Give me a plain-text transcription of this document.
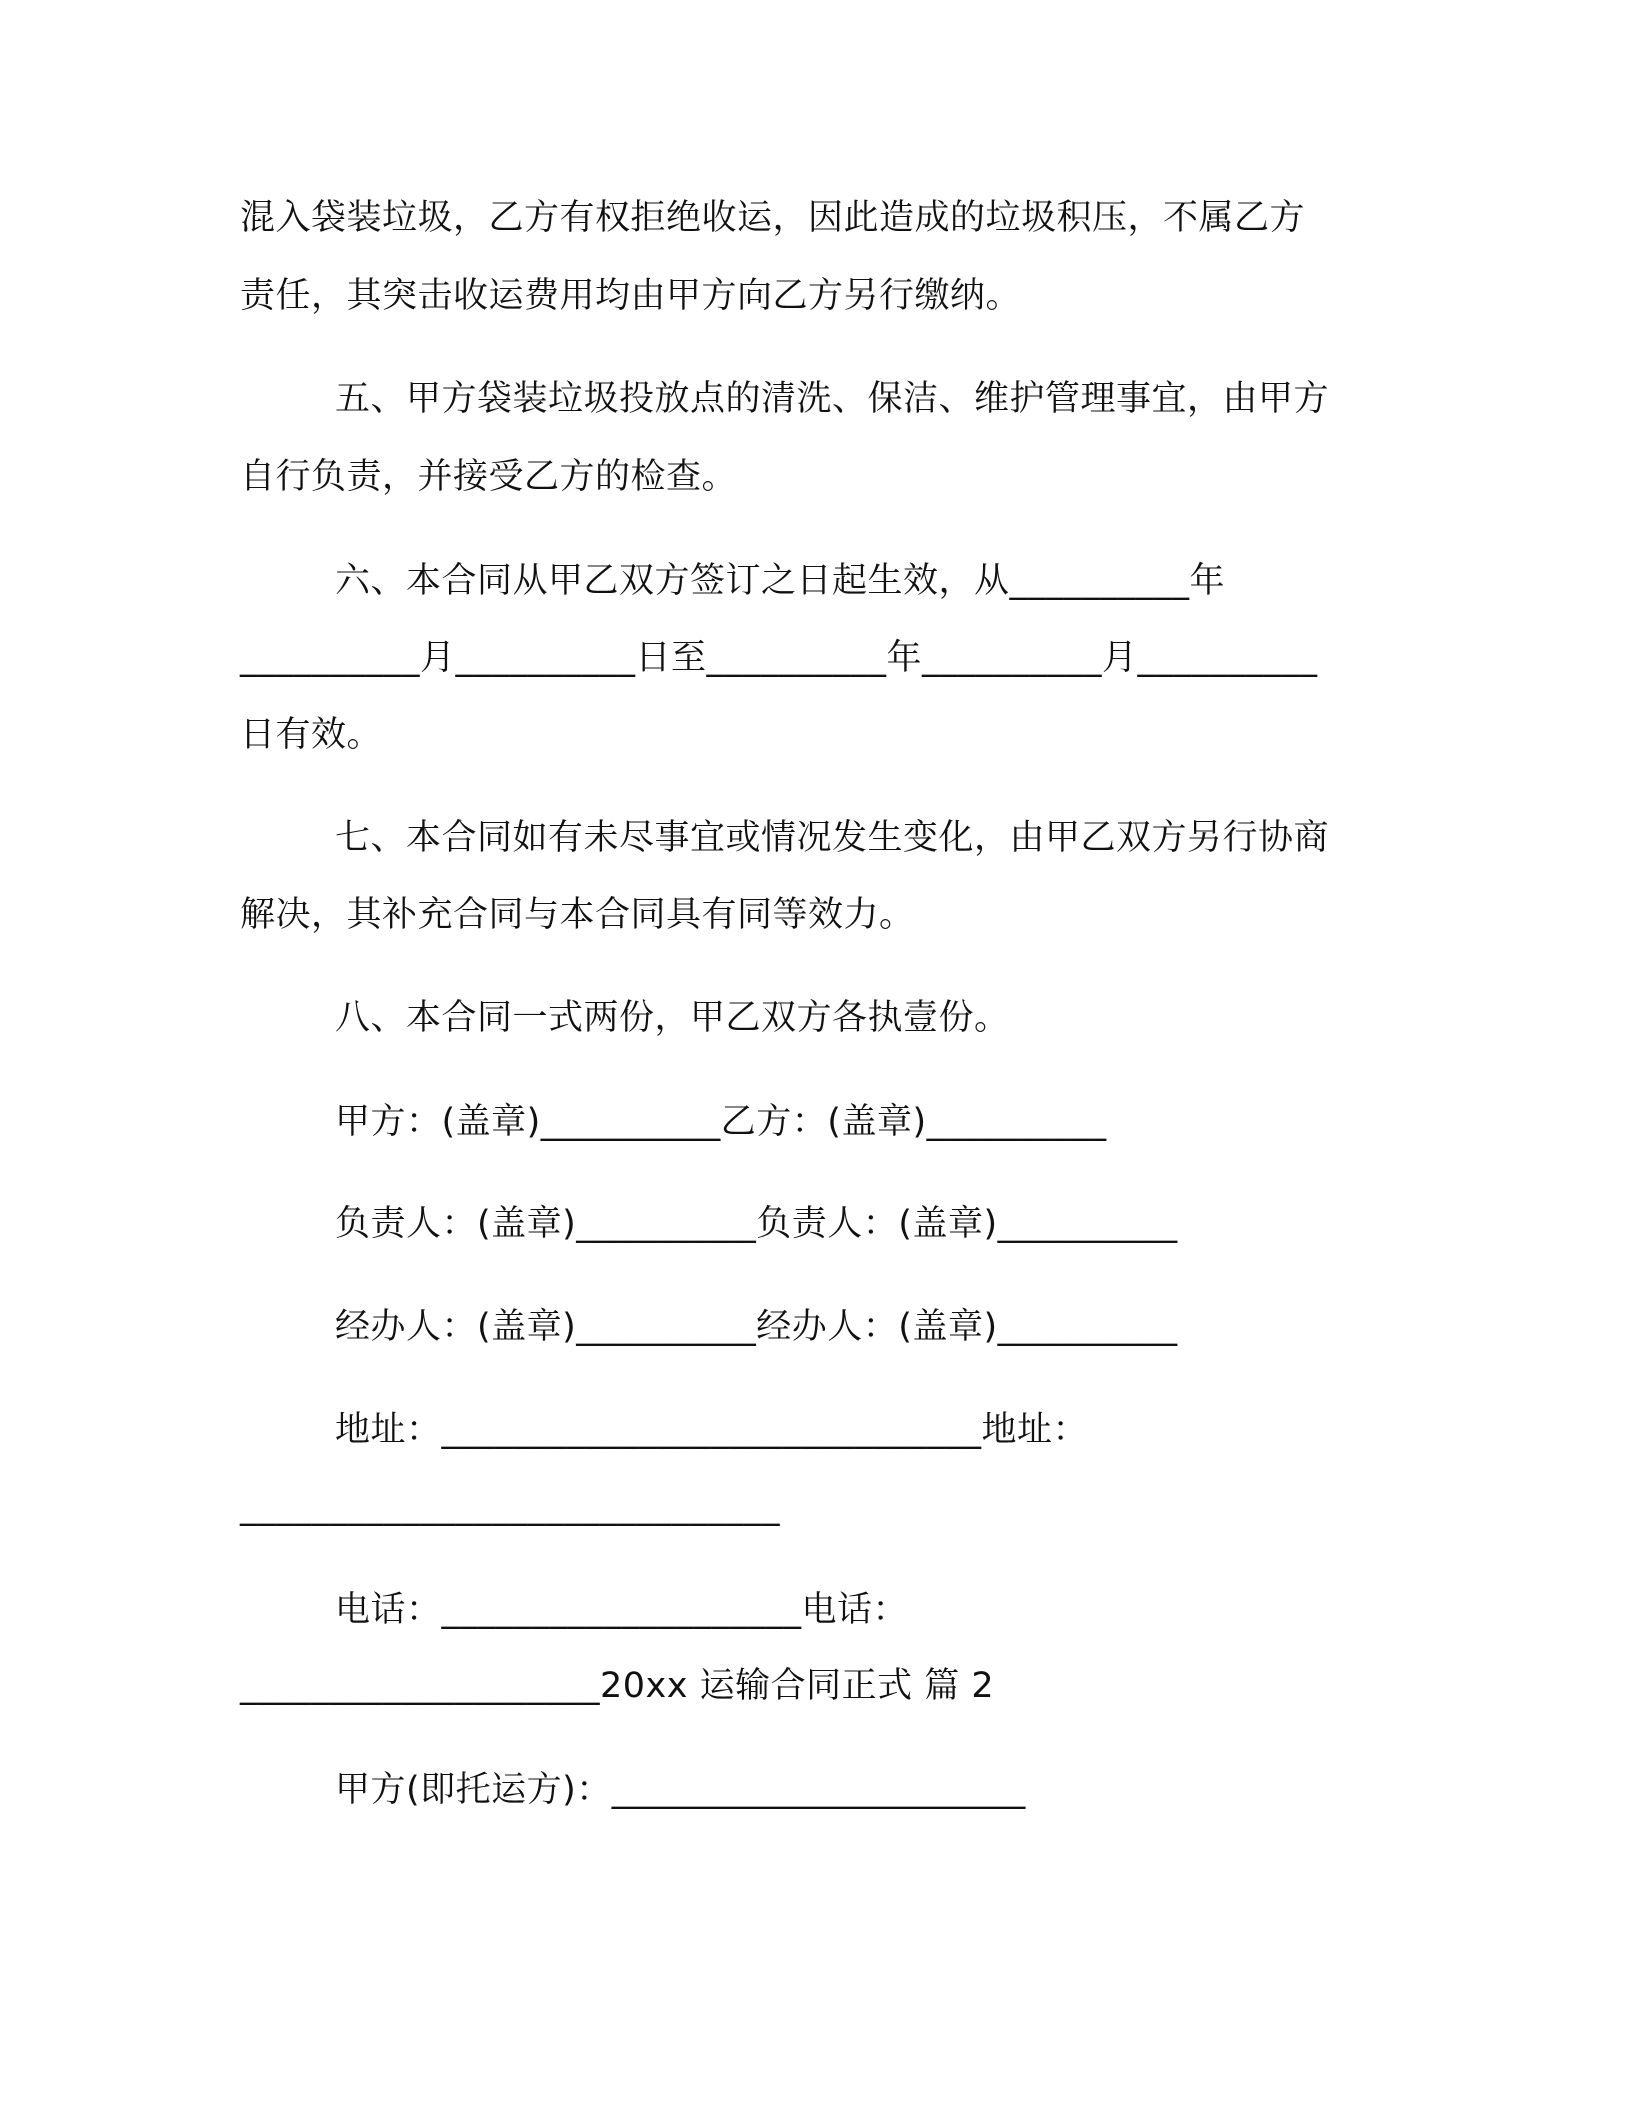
混入袋装垃圾，乙方有权拒绝收运，因此造成的垃圾积压，不属乙方
责任，其突击收运费用均由甲方向乙方另行缴纳。
五、甲方袋装垃圾投放点的清洗、保洁、维护管理事宜，由甲方
自行负责，并接受乙方的检查。
六、本合同从甲乙双方签订之日起生效，从__________年
__________月__________日至__________年__________月__________
日有效。
七、本合同如有未尽事宜或情况发生变化，由甲乙双方另行协商
解决，其补充合同与本合同具有同等效力。
八、本合同一式两份，甲乙双方各执壹份。
甲方：(盖章)__________乙方：(盖章)__________
负责人：(盖章)__________负责人：(盖章)__________
经办人：(盖章)__________经办人：(盖章)__________
地址：______________________________地址：
______________________________
电话：____________________电话：
____________________20xx 运输合同正式 篇 2
甲方(即托运方)：_______________________
